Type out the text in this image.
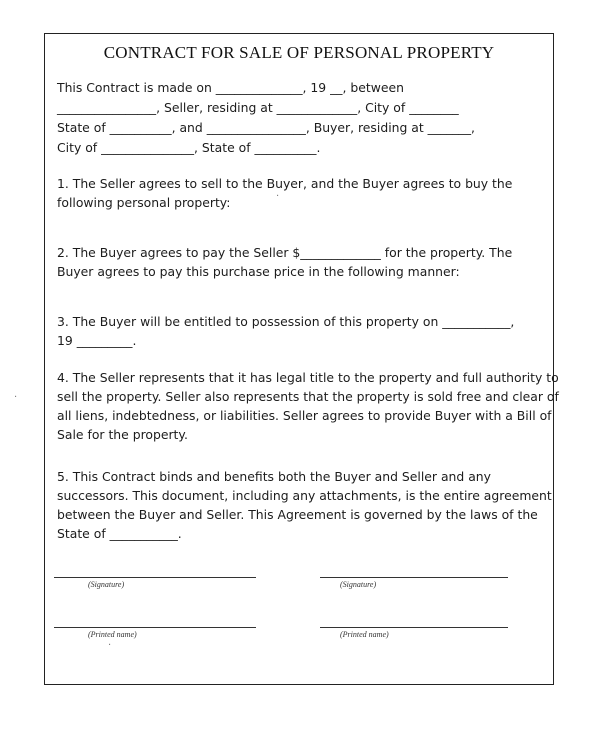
CONTRACT FOR SALE OF PERSONAL PROPERTY
This Contract is made on ______________, 19 __, between
________________, Seller, residing at _____________, City of ________
State of __________, and ________________, Buyer, residing at _______,
City of _______________, State of __________.
1. The Seller agrees to sell to the Buyer, and the Buyer agrees to buy the
following personal property:
2. The Buyer agrees to pay the Seller $_____________ for the property. The
Buyer agrees to pay this purchase price in the following manner:
3. The Buyer will be entitled to possession of this property on ___________,
19 _________.
4. The Seller represents that it has legal title to the property and full authority to
sell the property. Seller also represents that the property is sold free and clear of
all liens, indebtedness, or liabilities. Seller agrees to provide Buyer with a Bill of
Sale for the property.
5. This Contract binds and benefits both the Buyer and Seller and any
successors. This document, including any attachments, is the entire agreement
between the Buyer and Seller. This Agreement is governed by the laws of the
State of ___________.
(Signature)	(Signature)
(Printed name)	(Printed name)
·
·
·
